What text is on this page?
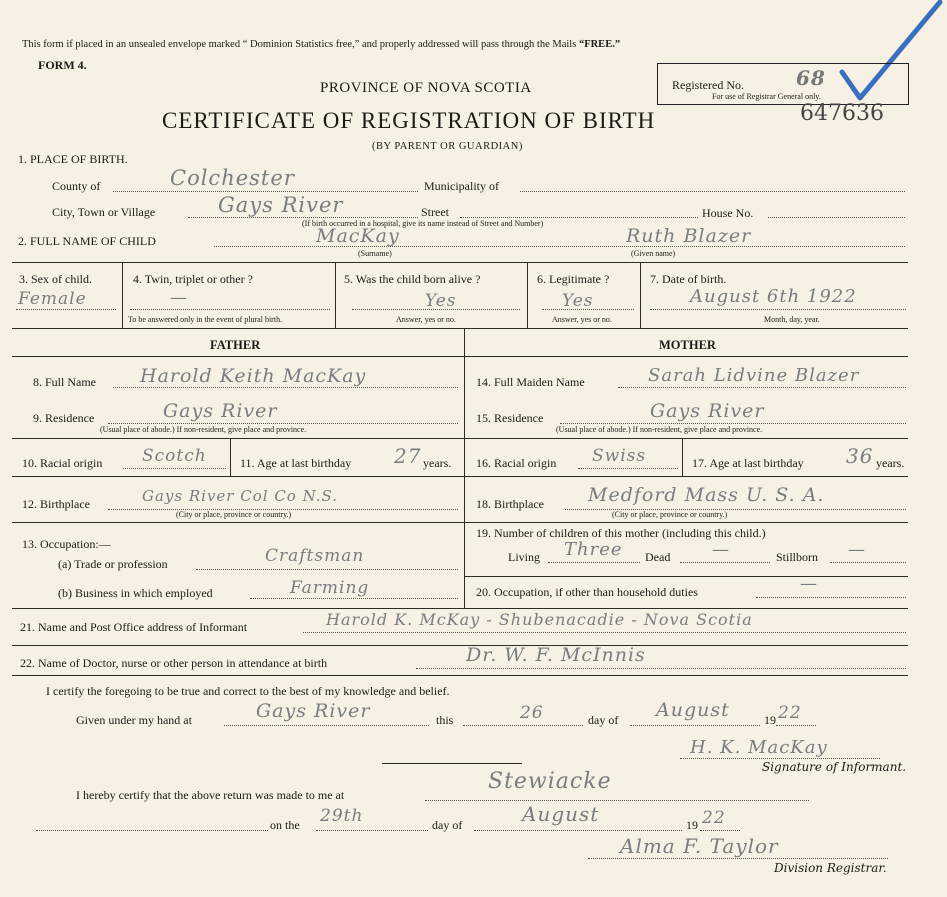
This form if placed in an unsealed envelope marked “ Dominion Statistics free,” and properly addressed will pass through the Mails “FREE.”
FORM 4.
PROVINCE OF NOVA SCOTIA
CERTIFICATE OF REGISTRATION OF BIRTH
(BY PARENT OR GUARDIAN)
Registered No.	68
For use of Registrar General only.
647636
1. PLACE OF BIRTH.
County of	Colchester	Municipality of
City, Town or Village	Gays River	Street	House No.
(If birth occurred in a hospital, give its name instead of Street and Number)
2. FULL NAME OF CHILD	MacKay	Ruth Blazer
(Surname)	(Given name)
3. Sex of child.
Female
4. Twin, triplet or other ?
—
To be answered only in the event of plural birth.
5. Was the child born alive ?
Yes
Answer, yes or no.
6. Legitimate ?
Yes
Answer, yes or no.
7. Date of birth.
August 6th 1922
Month, day, year.
FATHER	MOTHER
8. Full Name Harold Keith MacKay
9. Residence	Gays River
(Usual place of abode.) If non-resident, give place and province.
10. Racial origin Scotch	11. Age at last birthday 27 years.
12. Birthplace	Gays River Col Co N.S.
(City or place, province or country.)
13. Occupation:—
(a) Trade or profession	Craftsman
(b) Business in which employed	Farming
14. Full Maiden Name	Sarah Lidvine Blazer
15. Residence	Gays River
(Usual place of abode.) If non-resident, give place and province.
16. Racial origin Swiss	17. Age at last birthday 36 years.
18. Birthplace Medford Mass U. S. A.
(City or place, province or country.)
19. Number of children of this mother (including this child.)
Living Three Dead —	Stillborn —
20. Occupation, if other than household duties	—
21. Name and Post Office address of Informant	Harold K. McKay - Shubenacadie - Nova Scotia
22. Name of Doctor, nurse or other person in attendance at birth	Dr. W. F. McInnis
I certify the foregoing to be true and correct to the best of my knowledge and belief.
Given under my hand at	Gays River	this	26	day of August	19 22
H. K. MacKay
Signature of Informant.
I hereby certify that the above return was made to me at
Stewiacke
on the 29th	day of	August	19 22
Alma F. Taylor
Division Registrar.
